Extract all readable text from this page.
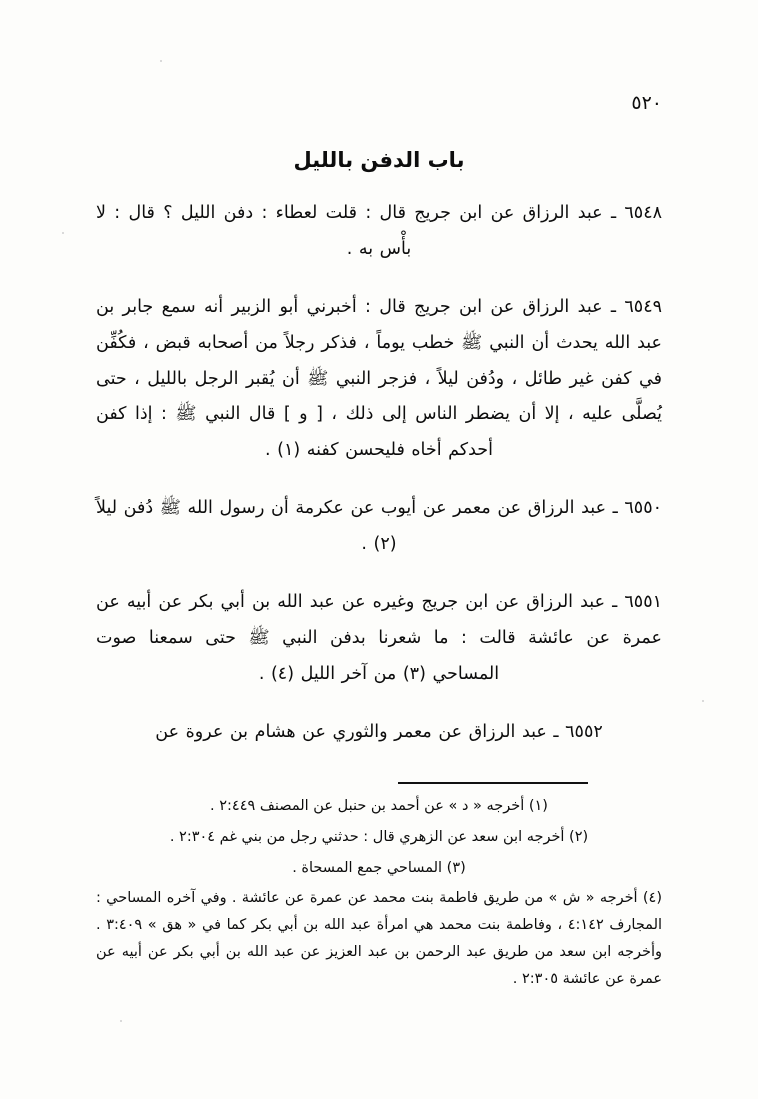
٥٢٠
باب الدفن بالليل

٦٥٤٨ ـ عبد الرزاق عن ابن جريج قال : قلت لعطاء : دفن الليل ؟ قال : لا بأْس به .

٦٥٤٩ ـ عبد الرزاق عن ابن جريج قال : أخبرني أبو الزبير أنه سمع جابر بن عبد الله يحدث أن النبي ﷺ خطب يوماً ، فذكر رجلاً من أصحابه قبض ، فكُفِّن في كفن غير طائل ، ودُفن ليلاً ، فزجر النبي ﷺ أن يُقبر الرجل بالليل ، حتى يُصلَّى عليه ، إلا أن يضطر الناس إلى ذلك ، [ و ] قال النبي ﷺ : إذا كفن أحدكم أخاه فليحسن كفنه (١) .

٦٥٥٠ ـ عبد الرزاق عن معمر عن أيوب عن عكرمة أن رسول الله ﷺ دُفن ليلاً (٢) .

٦٥٥١ ـ عبد الرزاق عن ابن جريج وغيره عن عبد الله بن أبي بكر عن أبيه عن عمرة عن عائشة قالت : ما شعرنا بدفن النبي ﷺ حتى سمعنا صوت المساحي (٣) من آخر الليل (٤) .

٦٥٥٢ ـ عبد الرزاق عن معمر والثوري عن هشام بن عروة عن

(١) أخرجه « د » عن أحمد بن حنبل عن المصنف ٢:٤٤٩ .

(٢) أخرجه ابن سعد عن الزهري قال : حدثني رجل من بني غم ٢:٣٠٤ .

(٣) المساحي جمع المسحاة .

(٤) أخرجه « ش » من طريق فاطمة بنت محمد عن عمرة عن عائشة . وفي آخره المساحي : المجارف ٤:١٤٢ ، وفاطمة بنت محمد هي امرأة عبد الله بن أبي بكر كما في « هق » ٣:٤٠٩ . وأخرجه ابن سعد من طريق عبد الرحمن بن عبد العزيز عن عبد الله بن أبي بكر عن أبيه عن عمرة عن عائشة ٢:٣٠٥ .
